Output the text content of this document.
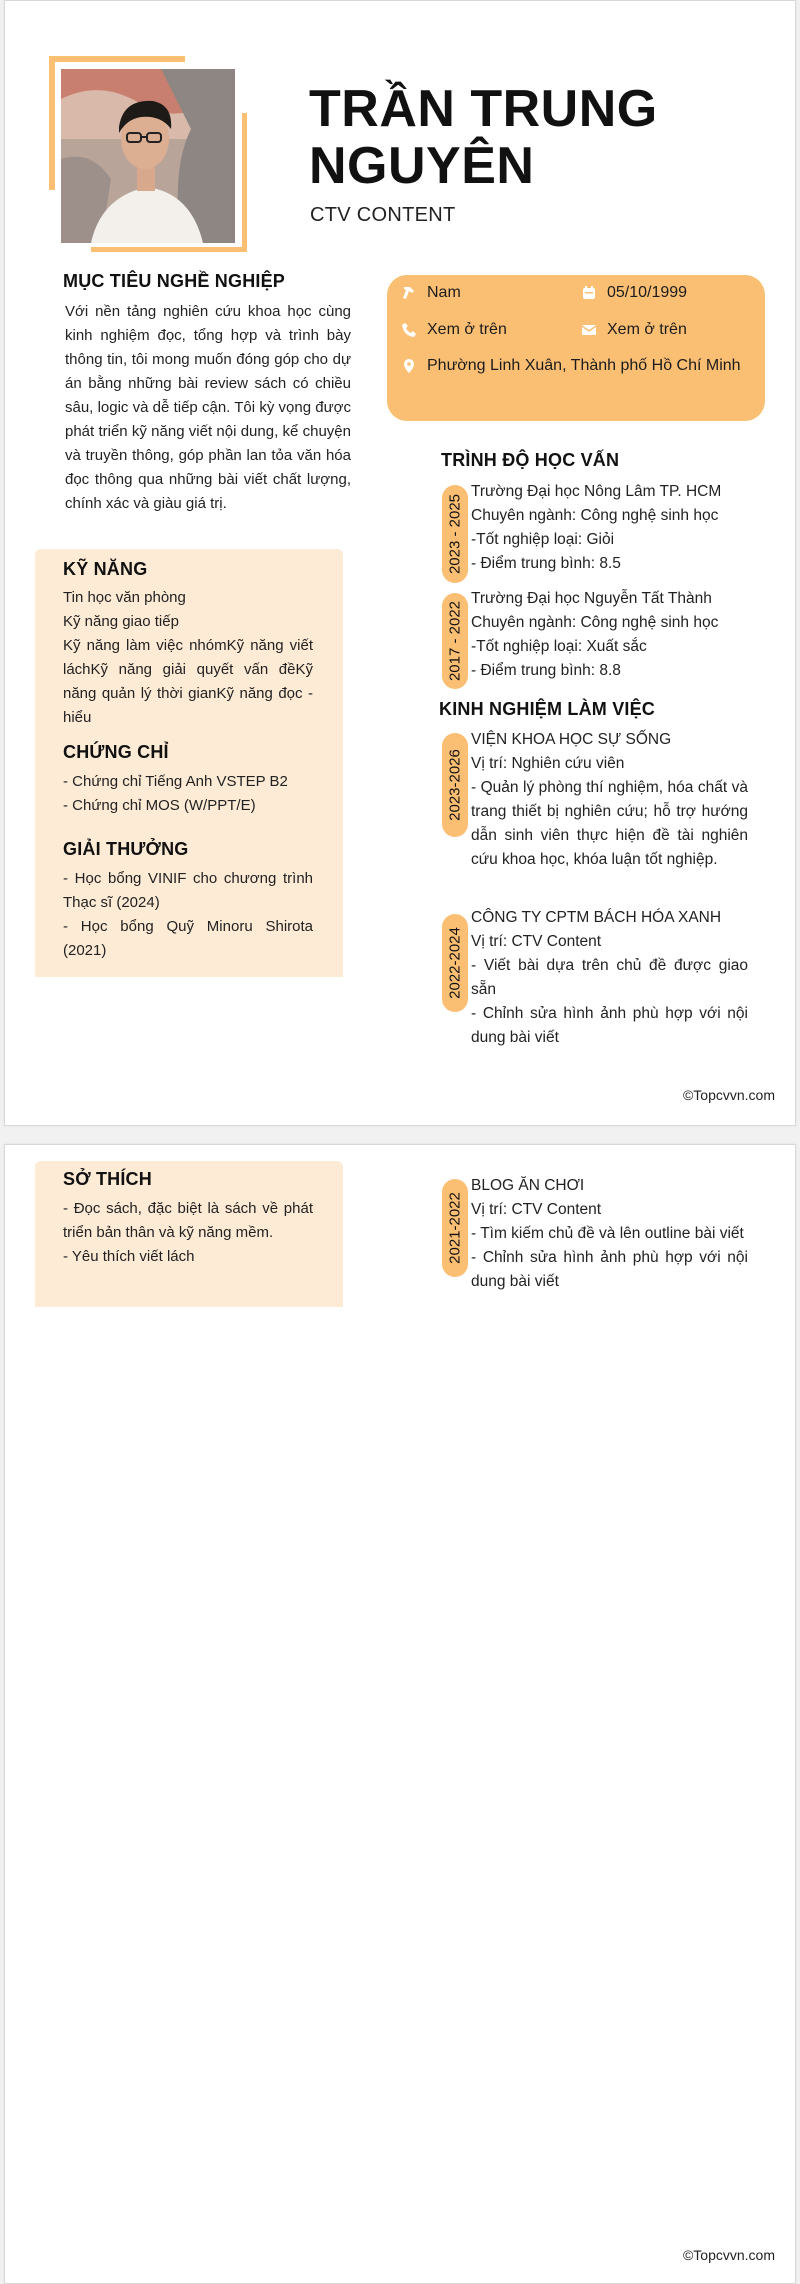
TRẦN TRUNG
NGUYÊN
CTV CONTENT
MỤC TIÊU NGHỀ NGHIỆP
Với nền tảng nghiên cứu khoa học cùng kinh nghiệm đọc, tổng hợp và trình bày thông tin, tôi mong muốn đóng góp cho dự án bằng những bài review sách có chiều sâu, logic và dễ tiếp cận. Tôi kỳ vọng được phát triển kỹ năng viết nội dung, kể chuyện và truyền thông, góp phần lan tỏa văn hóa đọc thông qua những bài viết chất lượng, chính xác và giàu giá trị.
Nam	05/10/1999
Xem ở trên	Xem ở trên
Phường Linh Xuân, Thành phố Hồ Chí Minh
KỸ NĂNG
Tin học văn phòng
Kỹ năng giao tiếp
Kỹ năng làm việc nhómKỹ năng viết láchKỹ năng giải quyết vấn đềKỹ năng quản lý thời gianKỹ năng đọc - hiểu
CHỨNG CHỈ
- Chứng chỉ Tiếng Anh VSTEP B2
- Chứng chỉ MOS (W/PPT/E)
GIẢI THƯỞNG
- Học bổng VINIF cho chương trình Thạc sĩ (2024)
- Học bổng Quỹ Minoru Shirota (2021)
TRÌNH ĐỘ HỌC VẤN
2023 - 2025
Trường Đại học Nông Lâm TP. HCM
Chuyên ngành: Công nghệ sinh học
-Tốt nghiệp loại: Giỏi
- Điểm trung bình: 8.5
2017 - 2022
Trường Đại học Nguyễn Tất Thành
Chuyên ngành: Công nghệ sinh học
-Tốt nghiệp loại: Xuất sắc
- Điểm trung bình: 8.8
KINH NGHIỆM LÀM VIỆC
2023-2026
VIỆN KHOA HỌC SỰ SỐNG
Vị trí: Nghiên cứu viên
- Quản lý phòng thí nghiệm, hóa chất và trang thiết bị nghiên cứu; hỗ trợ hướng dẫn sinh viên thực hiện đề tài nghiên cứu khoa học, khóa luận tốt nghiệp.
2022-2024
CÔNG TY CPTM BÁCH HÓA XANH
Vị trí: CTV Content
- Viết bài dựa trên chủ đề được giao sẵn
- Chỉnh sửa hình ảnh phù hợp với nội dung bài viết
©Topcvvn.com
SỞ THÍCH
- Đọc sách, đặc biệt là sách về phát triển bản thân và kỹ năng mềm.
- Yêu thích viết lách	2021-2022
BLOG ĂN CHƠI
Vị trí: CTV Content
- Tìm kiếm chủ đề và lên outline bài viết
- Chỉnh sửa hình ảnh phù hợp với nội dung bài viết
©Topcvvn.com
